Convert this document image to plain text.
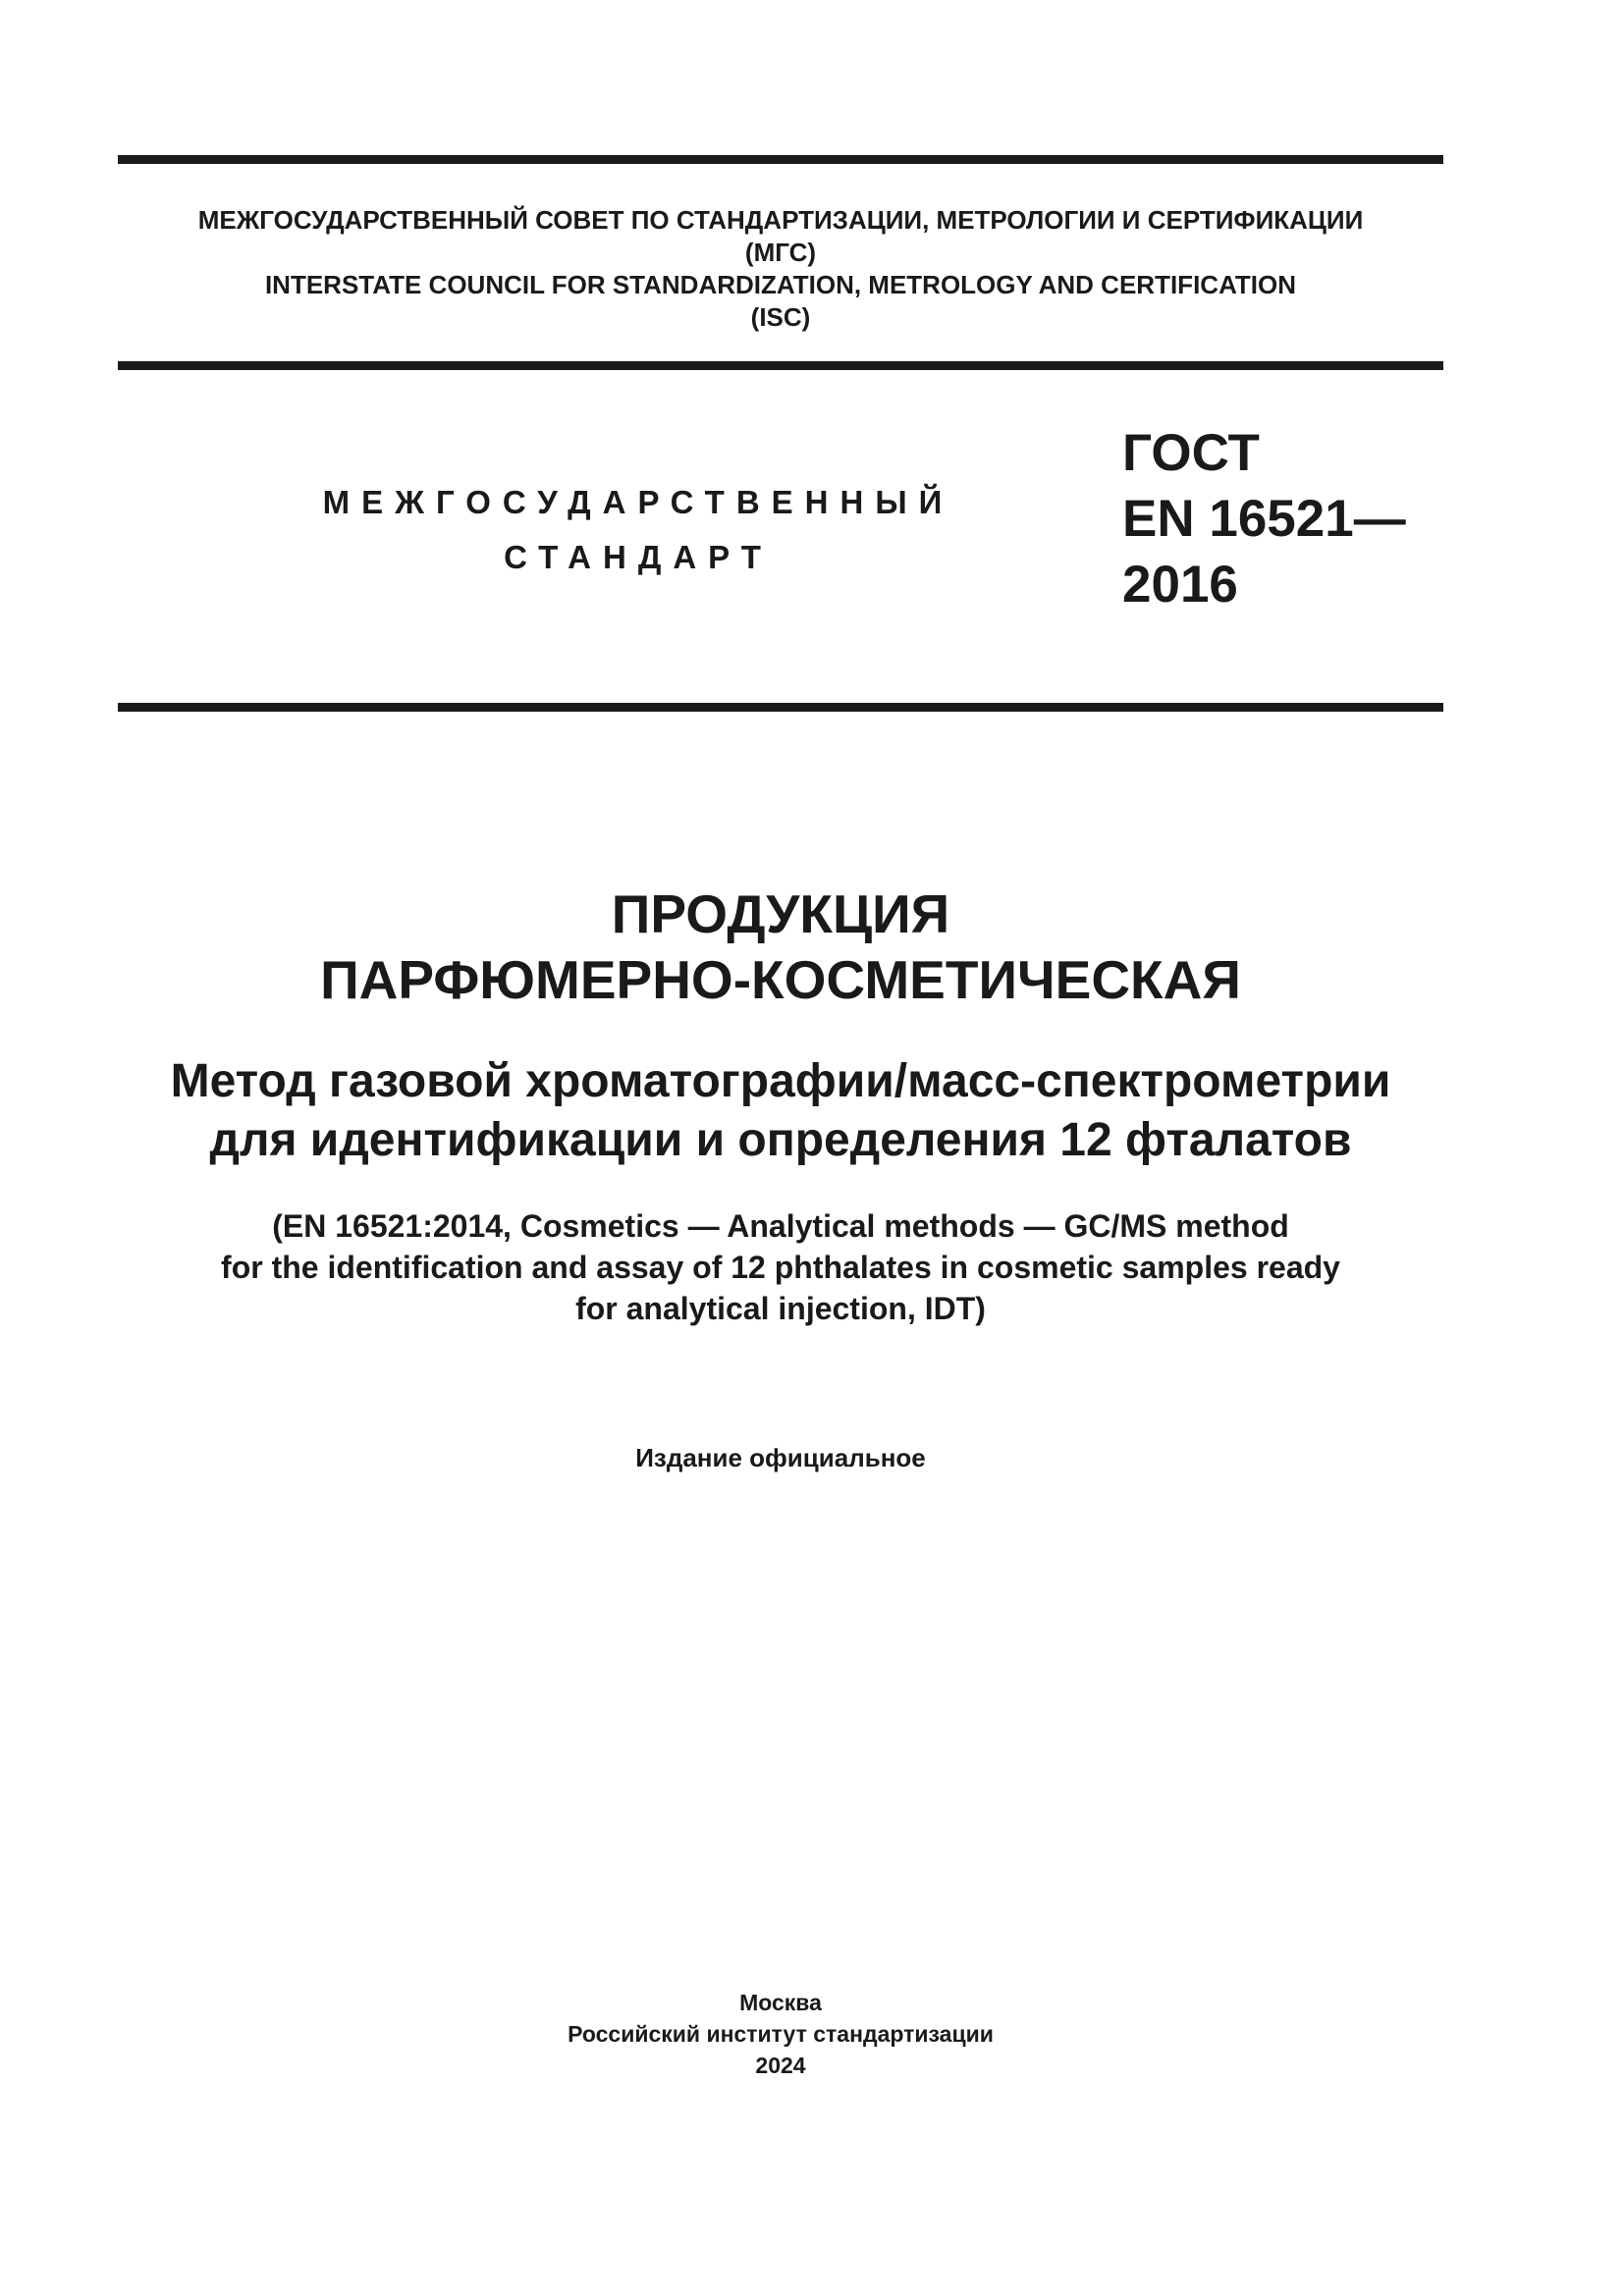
МЕЖГОСУДАРСТВЕННЫЙ СОВЕТ ПО СТАНДАРТИЗАЦИИ, МЕТРОЛОГИИ И СЕРТИФИКАЦИИ
(МГС)
INTERSTATE COUNCIL FOR STANDARDIZATION, METROLOGY AND CERTIFICATION
(ISC)
МЕЖГОСУДАРСТВЕННЫЙ
СТАНДАРТ
ГОСТ
EN 16521—
2016
ПРОДУКЦИЯ
ПАРФЮМЕРНО-КОСМЕТИЧЕСКАЯ
Метод газовой хроматографии/масс-спектрометрии
для идентификации и определения 12 фталатов
(EN 16521:2014, Cosmetics — Analytical methods — GC/MS method
for the identification and assay of 12 phthalates in cosmetic samples ready
for analytical injection, IDT)
Издание официальное
Москва
Российский институт стандартизации
2024
